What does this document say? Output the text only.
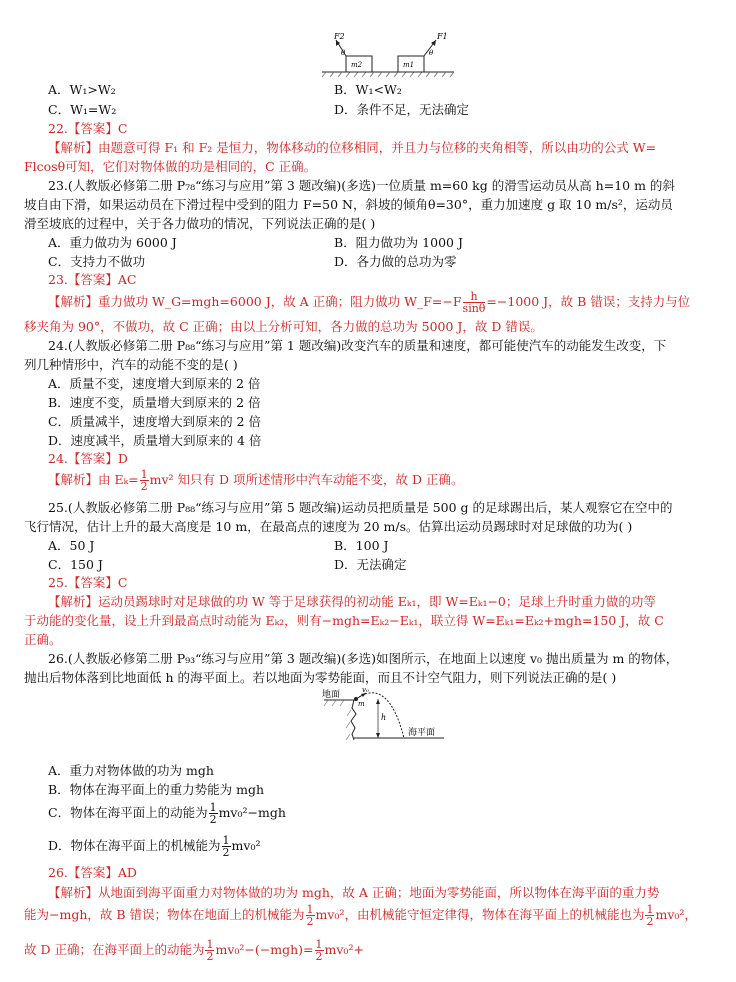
F2
θ
m2
F1
θ
m1
A．W₁>W₂	B．W₁<W₂
C．W₁=W₂	D．条件不足，无法确定
22.【答案】C
【解析】由题意可得 F₁ 和 F₂ 是恒力，物体移动的位移相同，并且力与位移的夹角相等，所以由功的公式 W=
Flcosθ可知，它们对物体做的功是相同的，C 正确。
23.(人教版必修第二册 P₇₈“练习与应用”第 3 题改编)(多选)一位质量 m=60 kg 的滑雪运动员从高 h=10 m 的斜
坡自由下滑，如果运动员在下滑过程中受到的阻力 F=50 N，斜坡的倾角θ=30°，重力加速度 g 取 10 m/s²，运动员
滑至坡底的过程中，关于各力做功的情况，下列说法正确的是( )
A．重力做功为 6000 J	B．阻力做功为 1000 J
C．支持力不做功	D．各力做的总功为零
23.【答案】AC
【解析】重力做功 W_G=mgh=6000 J，故 A 正确；阻力做功 W_F=−F $\frac{h}{\sin\theta} =-1000$ J，故 B 错误；支持力与位
移夹角为 90°，不做功，故 C 正确；由以上分析可知，各力做的总功为 5000 J，故 D 错误。
24.(人教版必修第二册 P₈₈“练习与应用”第 1 题改编)改变汽车的质量和速度，都可能使汽车的动能发生改变，下
列几种情形中，汽车的动能不变的是( )
A．质量不变，速度增大到原来的 2 倍
B．速度不变，质量增大到原来的 2 倍
C．质量减半，速度增大到原来的 2 倍
D．速度减半，质量增大到原来的 4 倍
24.【答案】D
【解析】由 $E_k= \frac{1}{2} mv^2$ 知只有 D 项所述情形中汽车动能不变，故 D 正确。
25.(人教版必修第二册 P₈₈“练习与应用”第 5 题改编)运动员把质量是 500 g 的足球踢出后，某人观察它在空中的
飞行情况，估计上升的最大高度是 10 m，在最高点的速度为 20 m/s。估算出运动员踢球时对足球做的功为( )
A．50 J	B．100 J
C．150 J	D．无法确定
25.【答案】C
【解析】运动员踢球时对足球做的功 W 等于足球获得的初动能 Eₖ₁，即 W=Eₖ₁−0；足球上升时重力做的功等
于动能的变化量，设上升到最高点时动能为 Eₖ₂，则有−mgh=Eₖ₂−Eₖ₁，联立得 W=Eₖ₁=Eₖ₂+mgh=150 J，故 C
正确。
26.(人教版必修第二册 P₉₃“练习与应用”第 3 题改编)(多选)如图所示，在地面上以速度 v₀ 抛出质量为 m 的物体，
抛出后物体落到比地面低 h 的海平面上。若以地面为零势能面，而且不计空气阻力，则下列说法正确的是( )
地面	v₀
m
h
海平面
A．重力对物体做的功为 mgh
B．物体在海平面上的重力势能为 mgh
C．物体在海平面上的动能为 $\frac{1}{2} mv_0^2-mgh$
D．物体在海平面上的机械能为 $\frac{1}{2} mv_0^2$
26.【答案】AD
【解析】从地面到海平面重力对物体做的功为 mgh，故 A 正确；地面为零势能面，所以物体在海平面的重力势
能为−mgh，故 B 错误；物体在地面上的机械能为 $\frac{1}{2} mv_0^2$，由机械能守恒定律得，物体在海平面上的机械能也为 $\frac{1}{2} mv_0^2$，
故 D 正确；在海平面上的动能为 $\frac{1}{2} mv_0^2-(-mgh)= \frac{1}{2} mv_0^2+$
